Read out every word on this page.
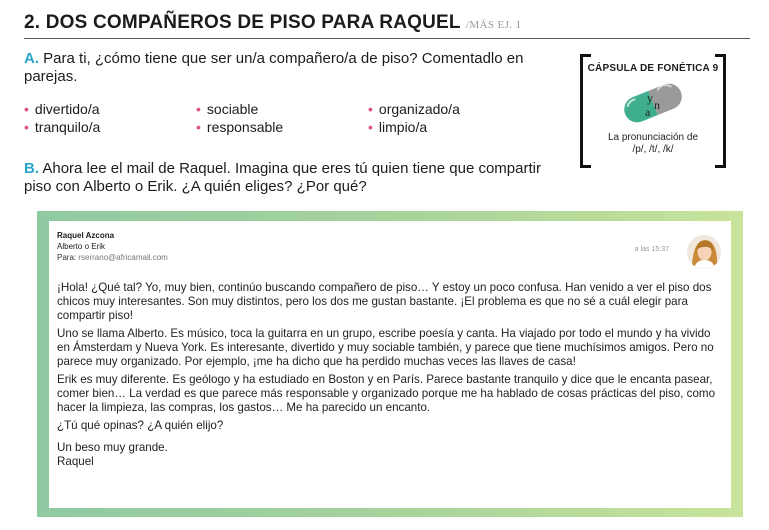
2. DOS COMPAÑEROS DE PISO PARA RAQUEL /MÁS EJ. 1
A. Para ti, ¿cómo tiene que ser un/a compañero/a de piso? Comentadlo en parejas.
• divertido/a	• sociable	• organizado/a
• tranquilo/a	• responsable	• limpio/a
B. Ahora lee el mail de Raquel. Imagina que eres tú quien tiene que compartir piso con Alberto o Erik. ¿A quién eliges? ¿Por qué?
CÁPSULA DE FONÉTICA 9
y n
a
La pronunciación de
/p/, /t/, /k/
Raquel Azcona
Alberto o Erik
Para: rserrano@africamail.com
a las 15:37

¡Hola! ¿Qué tal? Yo, muy bien, continúo buscando compañero de piso… Y estoy un poco confusa. Han venido a ver el piso dos chicos muy interesantes. Son muy distintos, pero los dos me gustan bastante. ¡El problema es que no sé a cuál elegir para compartir piso!

Uno se llama Alberto. Es músico, toca la guitarra en un grupo, escribe poesía y canta. Ha viajado por todo el mundo y ha vivido en Ámsterdam y Nueva York. Es interesante, divertido y muy sociable también, y parece que tiene muchísimos amigos. Pero no parece muy organizado. Por ejemplo, ¡me ha dicho que ha perdido muchas veces las llaves de casa!

Erik es muy diferente. Es geólogo y ha estudiado en Boston y en París. Parece bastante tranquilo y dice que le encanta pasear, comer bien… La verdad es que parece más responsable y organizado porque me ha hablado de cosas prácticas del piso, como hacer la limpieza, las compras, los gastos… Me ha parecido un encanto.

¿Tú qué opinas? ¿A quién elijo?

Un beso muy grande.

Raquel
